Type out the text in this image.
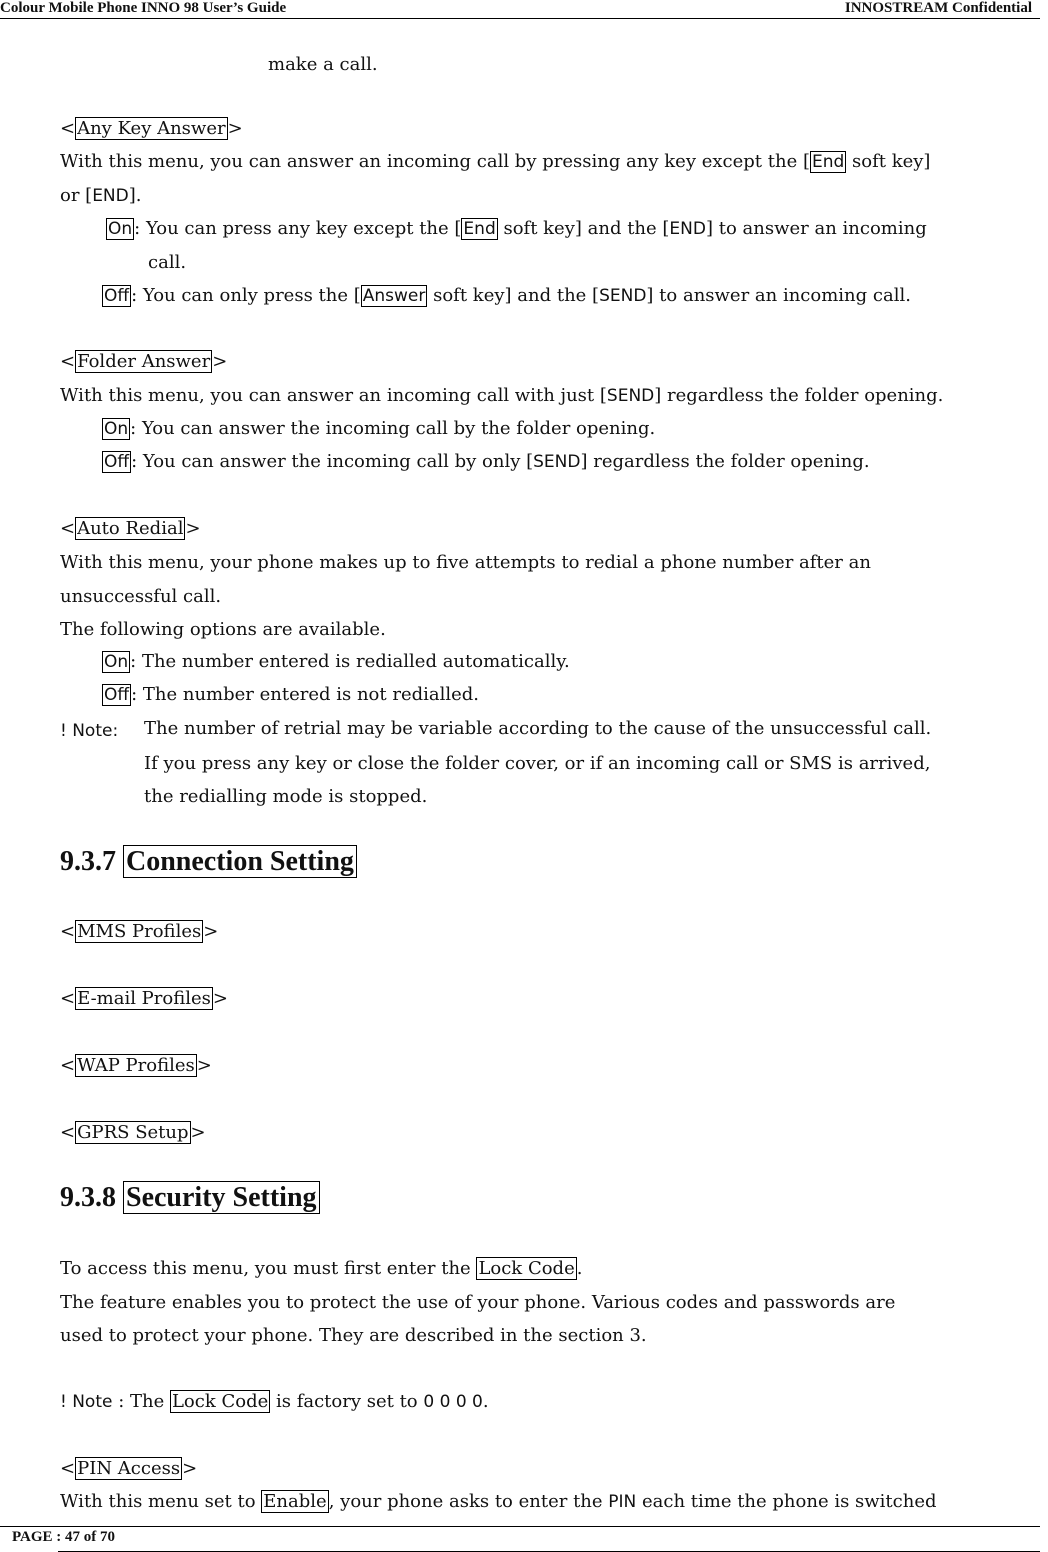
Colour Mobile Phone INNO 98 User’s Guide	INNOSTREAM Confidential
make a call.
< Any Key Answer >
With this menu, you can answer an incoming call by pressing any key except the [ End soft key]
or [END].
On : You can press any key except the [ End soft key] and the [END] to answer an incoming
call.
Off : You can only press the [ Answer soft key] and the [SEND] to answer an incoming call.
< Folder Answer >
With this menu, you can answer an incoming call with just [SEND] regardless the folder opening.
On : You can answer the incoming call by the folder opening.
Off : You can answer the incoming call by only [SEND] regardless the folder opening.
< Auto Redial >
With this menu, your phone makes up to five attempts to redial a phone number after an
unsuccessful call.
The following options are available.
On : The number entered is redialled automatically.
Off : The number entered is not redialled.
! Note: The number of retrial may be variable according to the cause of the unsuccessful call.
If you press any key or close the folder cover, or if an incoming call or SMS is arrived,
the redialling mode is stopped.
9.3.7 Connection Setting
< MMS Profiles >
< E-mail Profiles >
< WAP Profiles >
< GPRS Setup >
9.3.8 Security Setting
To access this menu, you must first enter the Lock Code .
The feature enables you to protect the use of your phone. Various codes and passwords are
used to protect your phone. They are described in the section 3.
! Note : The Lock Code is factory set to 0 0 0 0.
< PIN Access >
With this menu set to Enable , your phone asks to enter the PIN each time the phone is switched
PAGE : 47 of 70
